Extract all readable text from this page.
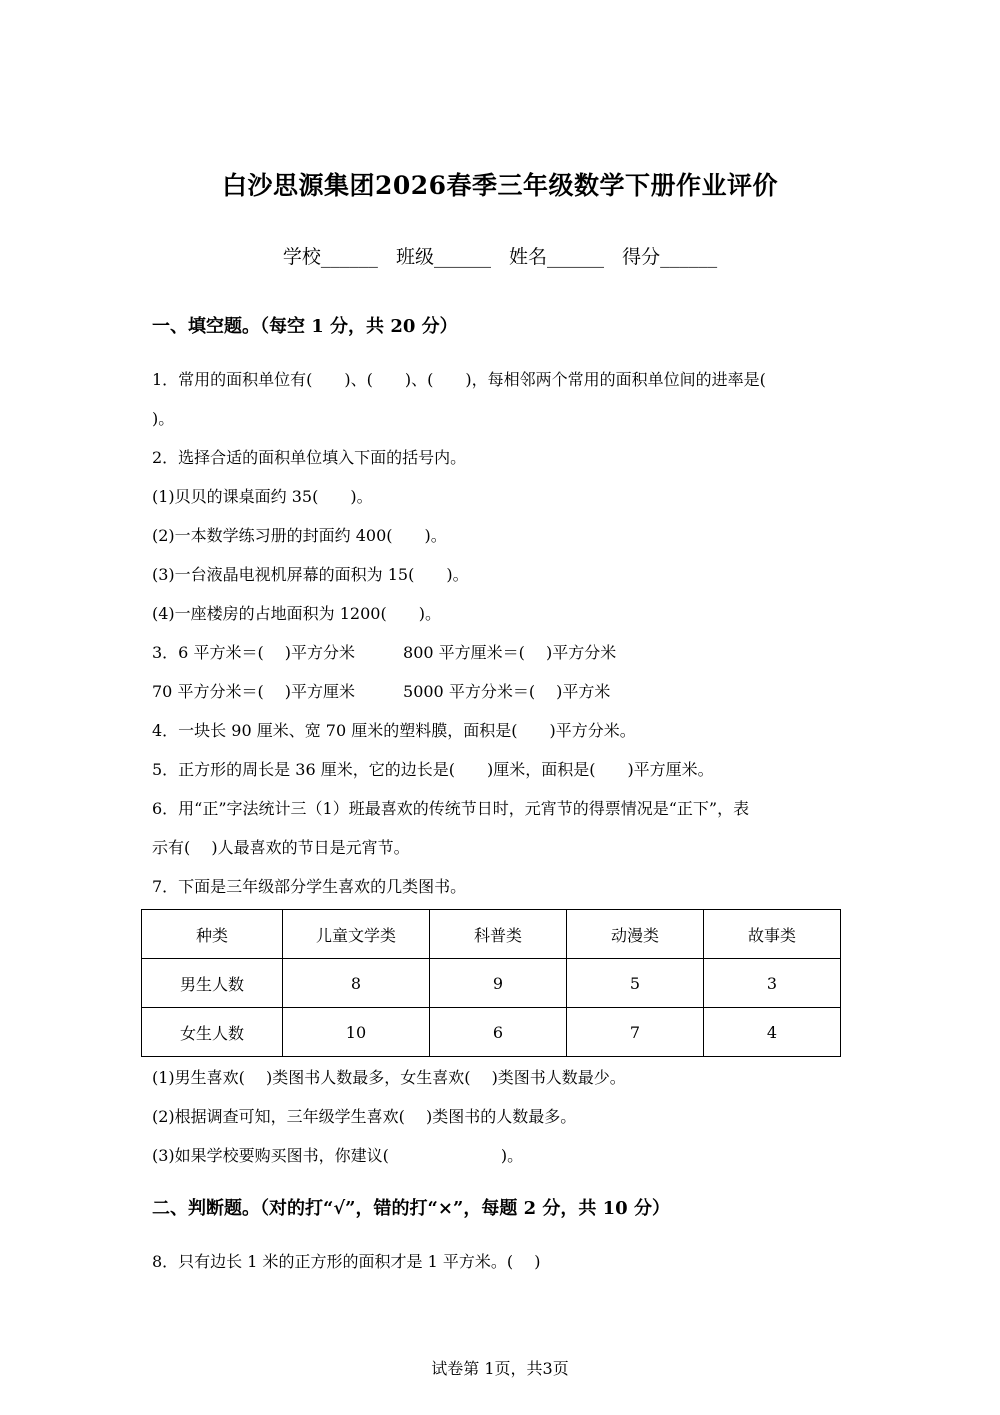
白沙思源集团2026春季三年级数学下册作业评价
学校______ 班级______ 姓名______ 得分______
一、填空题。（每空 1 分，共 20 分）
1．常用的面积单位有(　　)、(　　)、(　　)，每相邻两个常用的面积单位间的进率是(
)。
2．选择合适的面积单位填入下面的括号内。
(1)贝贝的课桌面约 35(　　)。
(2)一本数学练习册的封面约 400(　　)。
(3)一台液晶电视机屏幕的面积为 15(　　)。
(4)一座楼房的占地面积为 1200(　　)。
3．6 平方米＝(　 )平方分米　　　800 平方厘米＝(　 )平方分米
70 平方分米＝(　 )平方厘米　　　5000 平方分米＝(　 )平方米
4．一块长 90 厘米、宽 70 厘米的塑料膜，面积是(　　)平方分米。
5．正方形的周长是 36 厘米，它的边长是(　　)厘米，面积是(　　)平方厘米。
6．用“正”字法统计三（1）班最喜欢的传统节日时，元宵节的得票情况是“正下”，表
示有(　 )人最喜欢的节日是元宵节。
7．下面是三年级部分学生喜欢的几类图书。
种类	儿童文学类	科普类	动漫类	故事类
男生人数	8	9	5	3
女生人数	10	6	7	4
(1)男生喜欢(　 )类图书人数最多，女生喜欢(　 )类图书人数最少。
(2)根据调查可知，三年级学生喜欢(　 )类图书的人数最多。
(3)如果学校要购买图书，你建议(　　　　　　　)。
二、判断题。（对的打“√”，错的打“×”，每题 2 分，共 10 分）
8．只有边长 1 米的正方形的面积才是 1 平方米。(　 )
试卷第 1页，共3页
